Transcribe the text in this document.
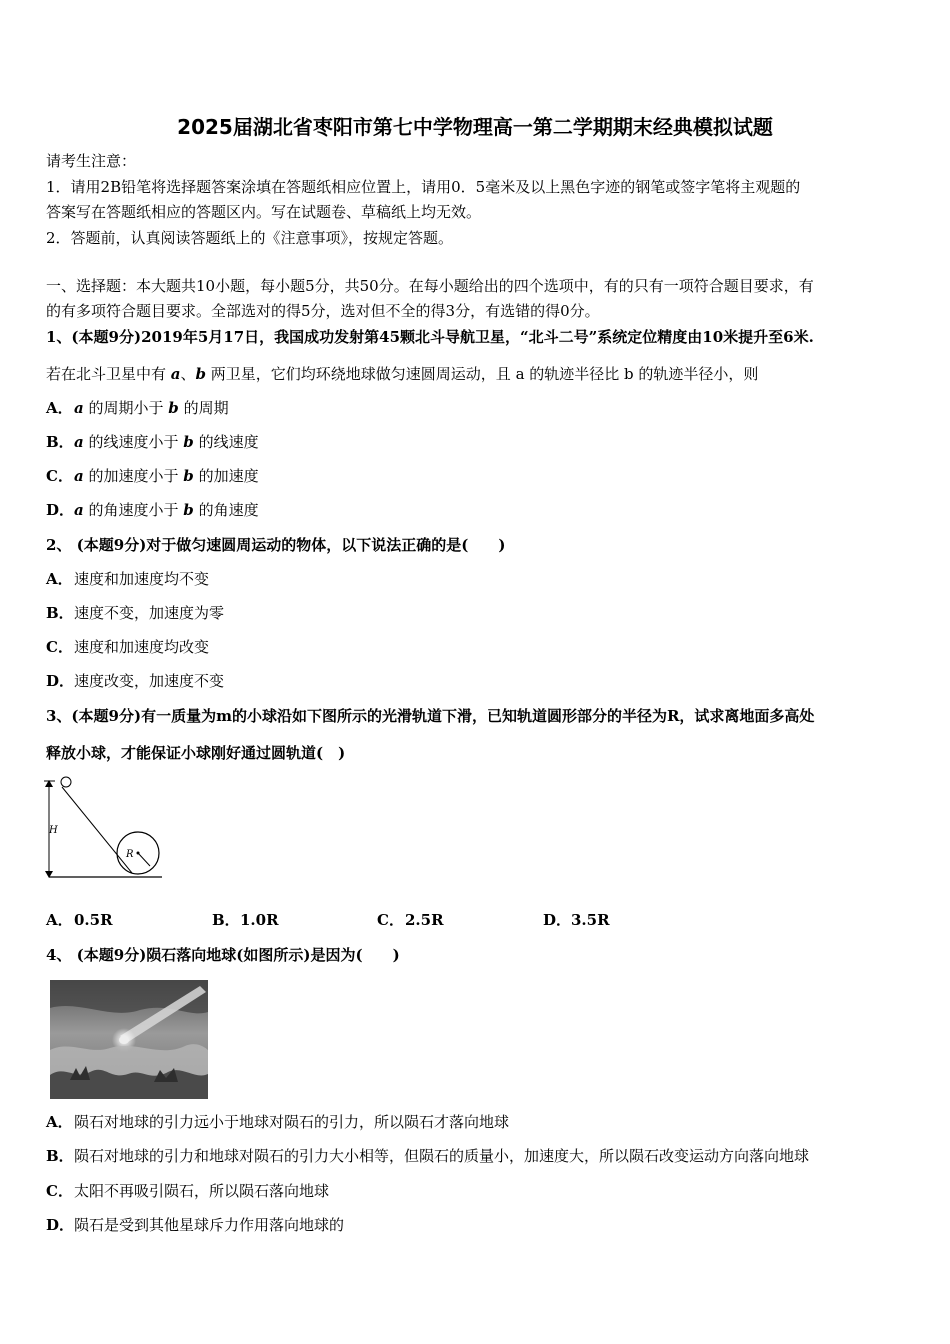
2025届湖北省枣阳市第七中学物理高一第二学期期末经典模拟试题
请考生注意：
1．请用2B铅笔将选择题答案涂填在答题纸相应位置上，请用0．5毫米及以上黑色字迹的钢笔或签字笔将主观题的
答案写在答题纸相应的答题区内。写在试题卷、草稿纸上均无效。
2．答题前，认真阅读答题纸上的《注意事项》，按规定答题。
一、选择题：本大题共10小题，每小题5分，共50分。在每小题给出的四个选项中，有的只有一项符合题目要求，有
的有多项符合题目要求。全部选对的得5分，选对但不全的得3分，有选错的得0分。
1、(本题9分)2019年5月17日，我国成功发射第45颗北斗导航卫星，“北斗二号”系统定位精度由10米提升至6米.
若在北斗卫星中有 a、b 两卫星，它们均环绕地球做匀速圆周运动，且 a 的轨迹半径比 b 的轨迹半径小，则
A．a 的周期小于 b 的周期
B．a 的线速度小于 b 的线速度
C．a 的加速度小于 b 的加速度
D．a 的角速度小于 b 的角速度
2、 (本题9分)对于做匀速圆周运动的物体，以下说法正确的是(　　)
A．速度和加速度均不变
B．速度不变，加速度为零
C．速度和加速度均改变
D．速度改变，加速度不变
3、(本题9分)有一质量为m的小球沿如下图所示的光滑轨道下滑，已知轨道圆形部分的半径为R，试求离地面多高处
释放小球，才能保证小球刚好通过圆轨道(　)
H
R
A．0.5R	B．1.0R	C．2.5R	D．3.5R
4、 (本题9分)陨石落向地球(如图所示)是因为(　　)
A．陨石对地球的引力远小于地球对陨石的引力，所以陨石才落向地球
B．陨石对地球的引力和地球对陨石的引力大小相等，但陨石的质量小，加速度大，所以陨石改变运动方向落向地球
C．太阳不再吸引陨石，所以陨石落向地球
D．陨石是受到其他星球斥力作用落向地球的
